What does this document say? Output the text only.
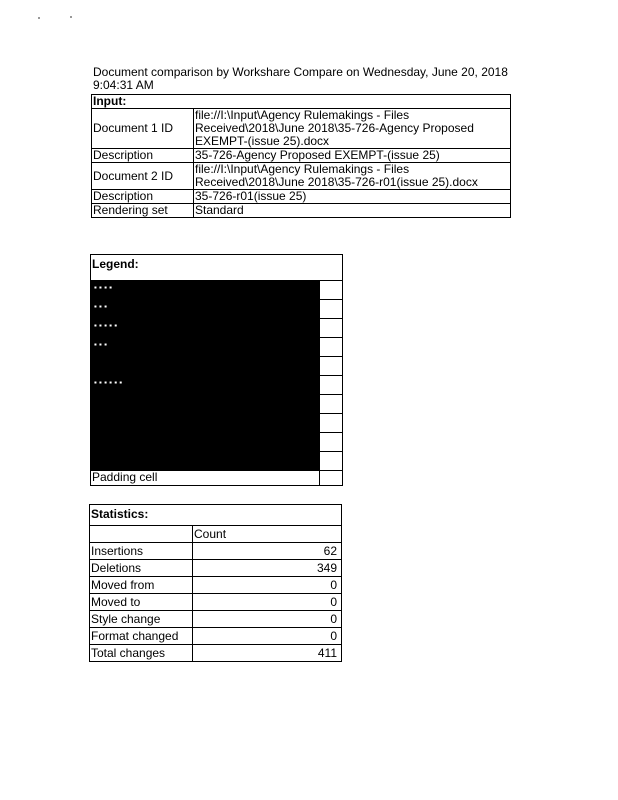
Document comparison by Workshare Compare on Wednesday, June 20, 2018 9:04:31 AM
Input:	
Document 1 ID	file://I:\Input\Agency Rulemakings - Files Received\2018\June 2018\35-726-Agency Proposed EXEMPT-(issue 25).docx
Description	35-726-Agency Proposed EXEMPT-(issue 25)
Document 2 ID	file://I:\Input\Agency Rulemakings - Files Received\2018\June 2018\35-726-r01(issue 25).docx
Description	35-726-r01(issue 25)
Rendering set	Standard
Legend:	
▪ ▪ ▪ ▪	
▪ ▪ ▪	
▪ ▪ ▪ ▪ ▪	
▪ ▪ ▪	

▪ ▪ ▪ ▪ ▪ ▪	

Padding cell	
Statistics:	
	Count
Insertions	62
Deletions	349
Moved from	0
Moved to	0
Style change	0
Format changed	0
Total changes	411
